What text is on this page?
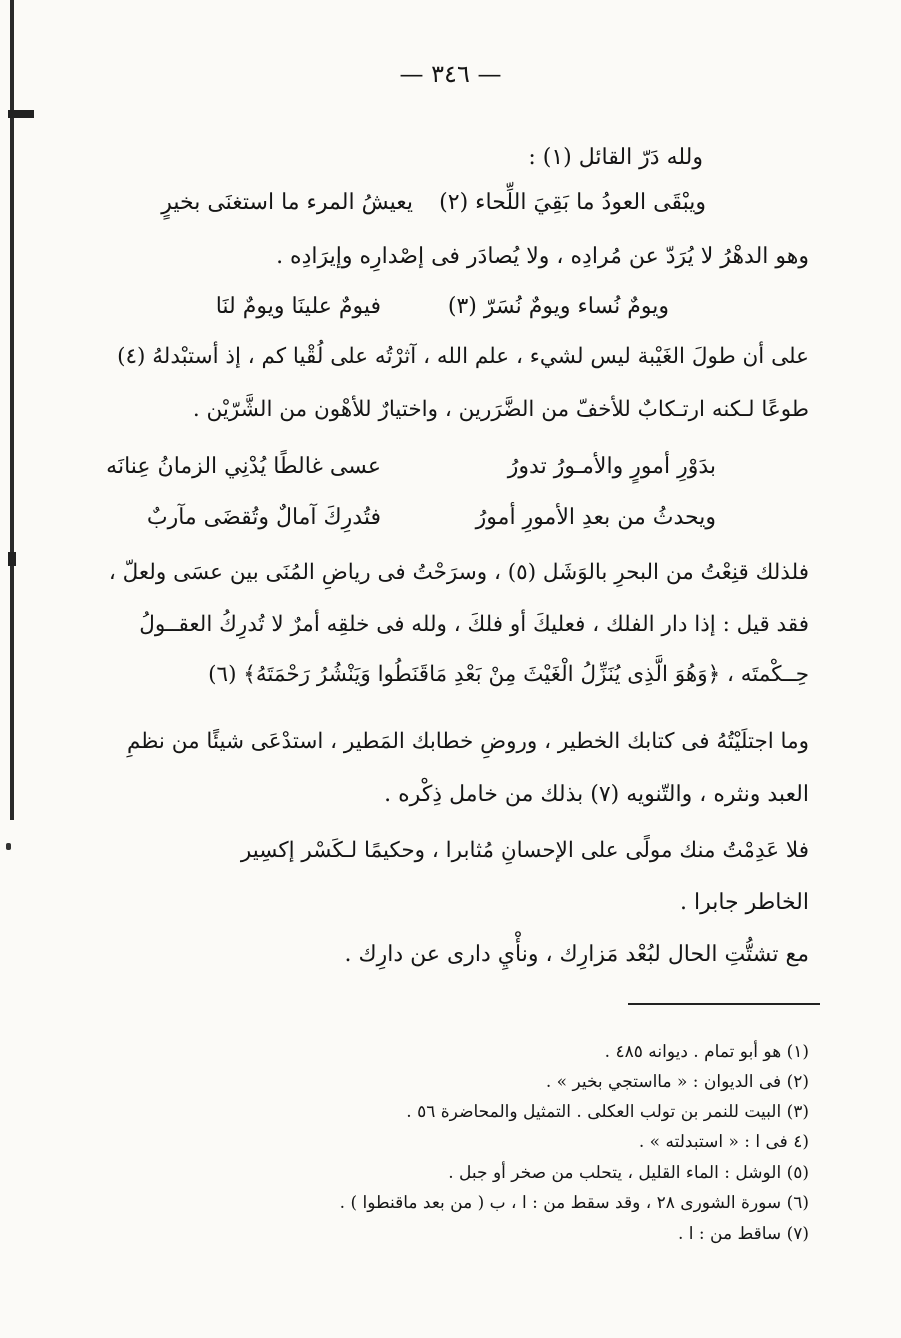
— ٣٤٦ —
ولله دَرّ القائل (١) :
يعيشُ المرء ما استغنَى بخيرٍ ويبْقَى العودُ ما بَقِيَ اللِّحاء (٢)
وهو الدهْرُ لا يُرَدّ عن مُرادِه ، ولا يُصادَر فى إصْدارِه وإيرَادِه .
فيومٌ علينَا ويومٌ لنَا	ويومٌ نُساء ويومٌ نُسَرّ (٣)
على أن طولَ الغَيْبة ليس لشيء ، علم الله ، آثرْتُه على لُقْيا كم ، إذ أستبْدلهُ (٤)
طوعًا لـكنه ارتـكابٌ للأخفّ من الضَّرَرين ، واختيارٌ للأهْون من الشَّرّيْن .
عسى غالطًا يُدْنِي الزمانُ عِنانَه	بدَوْرِ أمورٍ والأمـورُ تدورُ
فتُدرِكَ آمالٌ وتُقضَى مآربٌ	ويحدثُ من بعدِ الأمورِ أمورُ
فلذلك قنِعْتُ من البحرِ بالوَشَل (٥) ، وسرَحْتُ فى رياضِ المُنَى بين عسَى ولعلّ ،
فقد قيل : إذا دار الفلك ، فعليكَ أو فلكَ ، ولله فى خلقِه أمرٌ لا تُدرِكُ العقــولُ
حِــكْمتَه ، ﴿وَهُوَ الَّذِى يُنَزِّلُ الْغَيْثَ مِنْ بَعْدِ مَاقَنَطُوا وَيَنْشُرُ رَحْمَتَهُ﴾ (٦)
وما اجتلَيْتُهُ فى كتابك الخطير ، وروضِ خطابك المَطير ، استدْعَى شيئًا من نظمِ
العبد ونثره ، والتّنويه (٧) بذلك من خامل ذِكْره .
فلا عَدِمْتُ منك مولًى على الإحسانِ مُثابرا ، وحكيمًا لـكَسْر إكسِير
الخاطر جابرا .
مع تشتُّتِ الحال لبُعْد مَزارِك ، ونأْيِ دارى عن دارِك .
(١) هو أبو تمام . ديوانه ٤٨٥ .
(٢) فى الديوان : « مااستجي بخير » .
(٣) البيت للنمر بن تولب العكلى . التمثيل والمحاضرة ٥٦ .
(٤ فى ا : « استبدلته » .
(٥) الوشل : الماء القليل ، يتحلب من صخر أو جبل .
(٦) سورة الشورى ٢٨ ، وقد سقط من : ا ، ب ( من بعد ماقنطوا ) .
(٧) ساقط من : ا .
